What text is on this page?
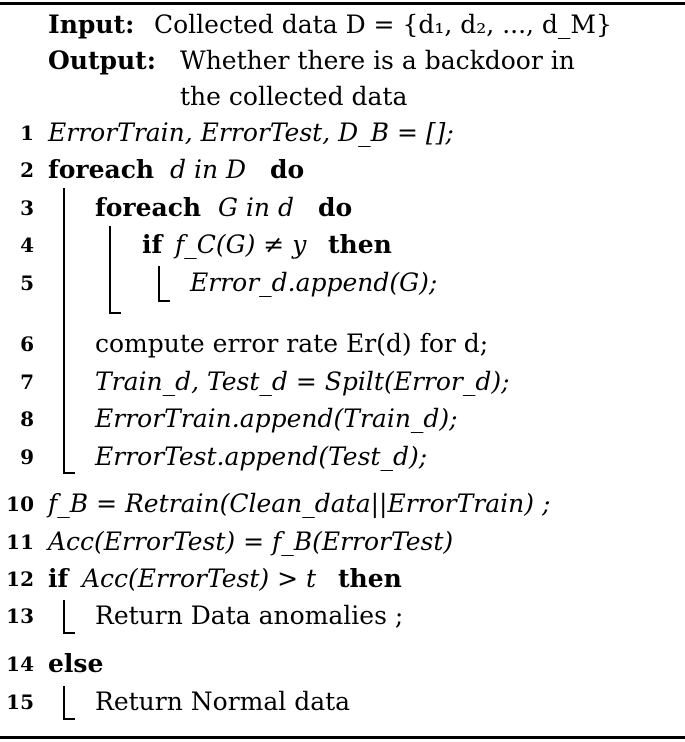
Input: Collected data D = {d₁, d₂, ..., d_M}
Output: Whether there is a backdoor in
the collected data
1 ErrorTrain, ErrorTest, D_B = [];
2 foreach d in D do
3 foreach G in d do
4	if f_C(G) ≠ y then
5	Error_d.append(G);
6 compute error rate Er(d) for d;
7 Train_d, Test_d = Spilt(Error_d);
8 ErrorTrain.append(Train_d);
9 ErrorTest.append(Test_d);
10 f_B = Retrain(Clean_data||ErrorTrain) ;
11 Acc(ErrorTest) = f_B(ErrorTest)
12 if Acc(ErrorTest) > t then
13 Return Data anomalies ;
14 else
15 Return Normal data
